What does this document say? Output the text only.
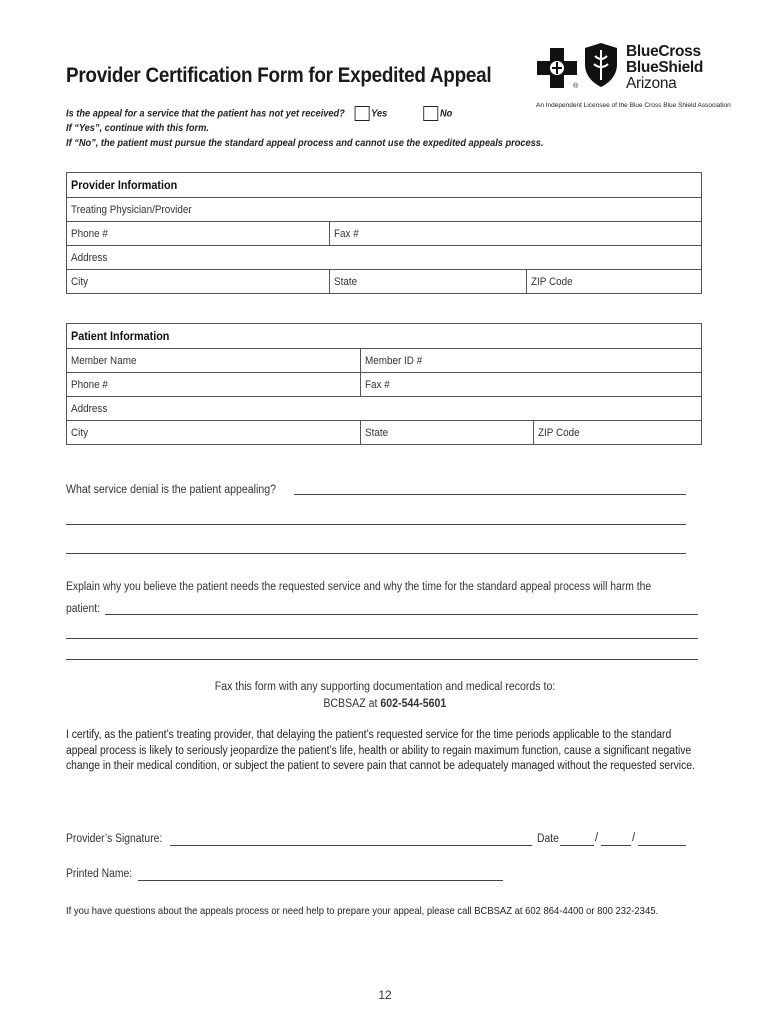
Provider Certification Form for Expedited Appeal	®
BlueCross
BlueShield
Arizona
An Independent Licensee of the Blue Cross Blue Shield Association
Is the appeal for a service that the patient has not yet received?	Yes	No
If “Yes”, continue with this form.
If “No”, the patient must pursue the standard appeal process and cannot use the expedited appeals process.
Provider Information		
Treating Physician/Provider		
Phone #	Fax #	
Address		
City	State	ZIP Code
Patient Information		
Member Name	Member ID #	
Phone #	Fax #	
Address		
City	State	ZIP Code
What service denial is the patient appealing?
Explain why you believe the patient needs the requested service and why the time for the standard appeal process will harm the
patient:
Fax this form with any supporting documentation and medical records to:
BCBSAZ at 602-544-5601
I certify, as the patient’s treating provider, that delaying the patient’s requested service for the time periods applicable to the standard appeal process is likely to seriously jeopardize the patient’s life, health or ability to regain maximum function, cause a significant negative change in their medical condition, or subject the patient to severe pain that cannot be adequately managed without the requested service.
Provider’s Signature:	Date	/	/
Printed Name:
If you have questions about the appeals process or need help to prepare your appeal, please call BCBSAZ at 602 864-4400 or 800 232-2345.
12
